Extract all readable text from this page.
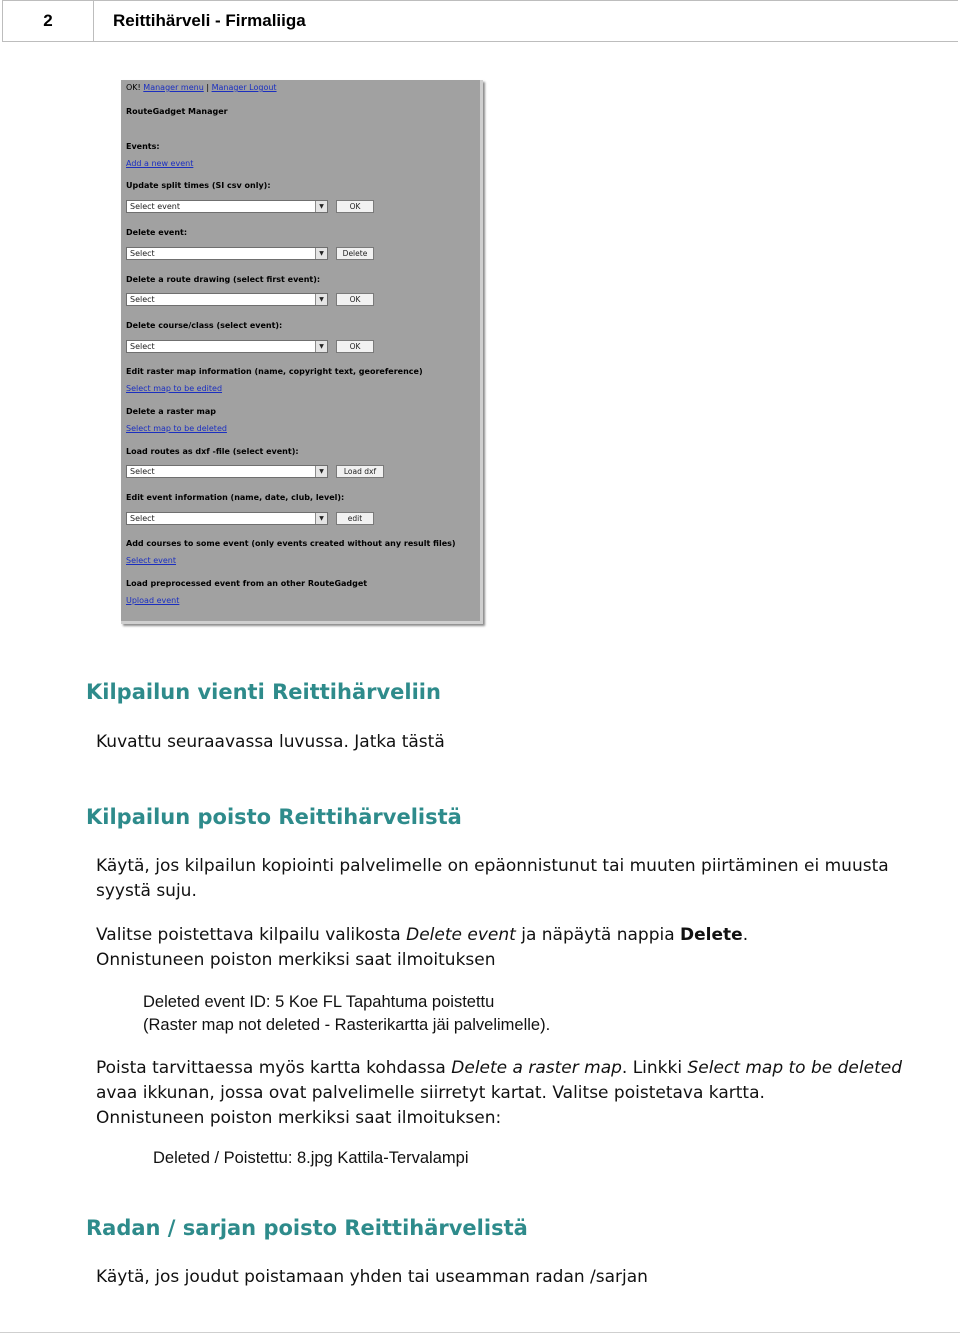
2	Reittihärveli - Firmaliiga
OK! Manager menu | Manager Logout
RouteGadget Manager
Events:
Add a new event
Update split times (SI csv only):
Select event	▼	OK
Delete event:
Select	▼	Delete
Delete a route drawing (select first event):
Select	▼	OK
Delete course/class (select event):
Select	▼	OK
Edit raster map information (name, copyright text, georeference)
Select map to be edited
Delete a raster map
Select map to be deleted
Load routes as dxf -file (select event):
Select	▼	Load dxf
Edit event information (name, date, club, level):
Select	▼	edit
Add courses to some event (only events created without any result files)
Select event
Load preprocessed event from an other RouteGadget
Upload event
Kilpailun vienti Reittihärveliin

Kuvattu seuraavassa luvussa. Jatka tästä

Kilpailun poisto Reittihärvelistä

Käytä, jos kilpailun kopiointi palvelimelle on epäonnistunut tai muuten piirtäminen ei muusta syystä suju.

Valitse poistettava kilpailu valikosta Delete event ja näpäytä nappia Delete.
Onnistuneen poiston merkiksi saat ilmoituksen

Deleted event ID: 5 Koe FL Tapahtuma poistettu
(Raster map not deleted - Rasterikartta jäi palvelimelle).

Poista tarvittaessa myös kartta kohdassa Delete a raster map. Linkki Select map to be deleted avaa ikkunan, jossa ovat palvelimelle siirretyt kartat. Valitse poistetava kartta.
Onnistuneen poiston merkiksi saat ilmoituksen:

Deleted / Poistettu: 8.jpg Kattila-Tervalampi

Radan / sarjan poisto Reittihärvelistä

Käytä, jos joudut poistamaan yhden tai useamman radan /sarjan
